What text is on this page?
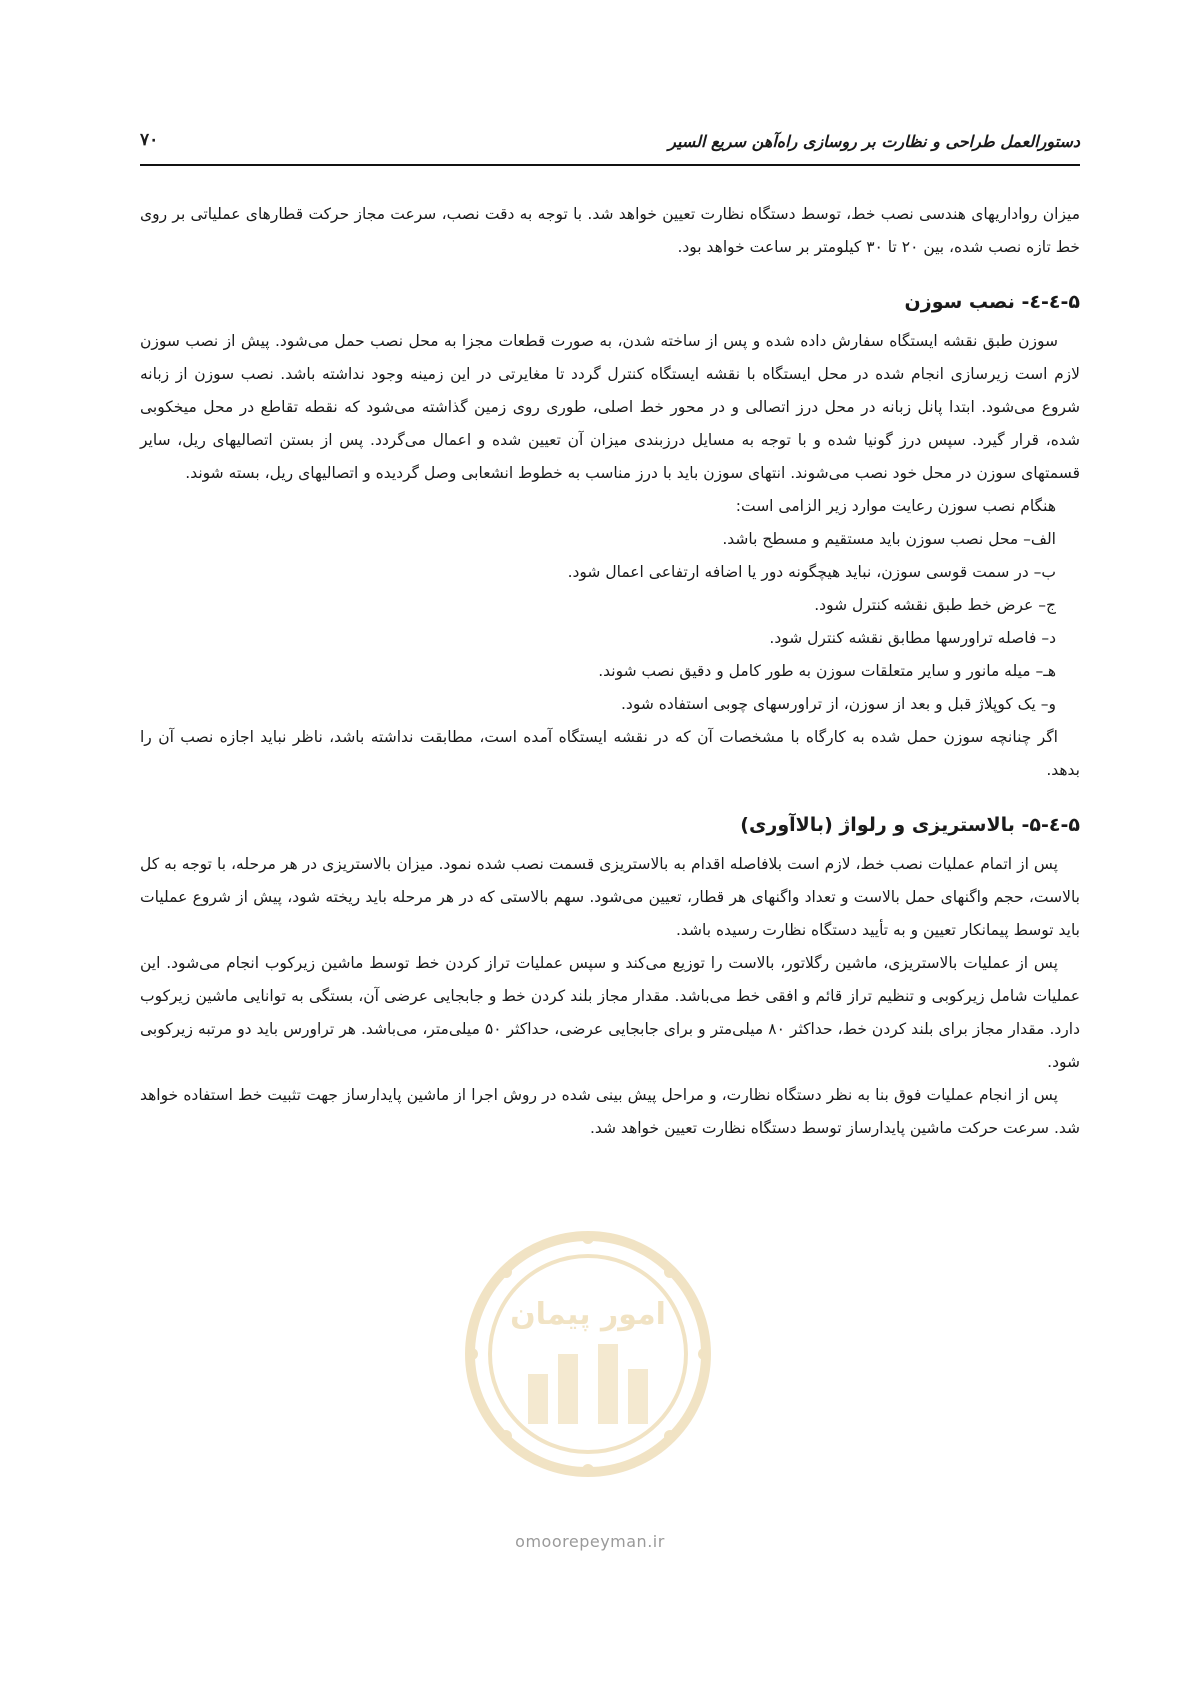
دستورالعمل طراحی و نظارت بر روسازی راه‌آهن سریع السیر
۷۰

میزان رواداریهای هندسی نصب خط، توسط دستگاه نظارت تعیین خواهد شد. با توجه به دقت نصب، سرعت مجاز حرکت قطارهای عملیاتی بر روی خط تازه نصب شده، بین ۲۰ تا ۳۰ کیلومتر بر ساعت خواهد بود.

۵-٤-٤- نصب سوزن

سوزن طبق نقشه ایستگاه سفارش داده شده و پس از ساخته شدن، به صورت قطعات مجزا به محل نصب حمل می‌شود. پیش از نصب سوزن لازم است زیرسازی انجام شده در محل ایستگاه با نقشه ایستگاه کنترل گردد تا مغایرتی در این زمینه وجود نداشته باشد. نصب سوزن از زبانه شروع می‌شود. ابتدا پانل زبانه در محل درز اتصالی و در محور خط اصلی، طوری روی زمین گذاشته می‌شود که نقطه تقاطع در محل میخکوبی شده، قرار گیرد. سپس درز گونیا شده و با توجه به مسایل درزبندی میزان آن تعیین شده و اعمال می‌گردد. پس از بستن اتصالیهای ریل، سایر قسمتهای سوزن در محل خود نصب می‌شوند. انتهای سوزن باید با درز مناسب به خطوط انشعابی وصل گردیده و اتصالیهای ریل، بسته شوند.

هنگام نصب سوزن رعایت موارد زیر الزامی است:
الف– محل نصب سوزن باید مستقیم و مسطح باشد.
ب– در سمت قوسی سوزن، نباید هیچگونه دور یا اضافه ارتفاعی اعمال شود.
ج– عرض خط طبق نقشه کنترل شود.
د– فاصله تراورسها مطابق نقشه کنترل شود.
هـ– میله مانور و سایر متعلقات سوزن به طور کامل و دقیق نصب شوند.
و– یک کوپلاژ قبل و بعد از سوزن، از تراورسهای چوبی استفاده شود.

اگر چنانچه سوزن حمل شده به کارگاه با مشخصات آن که در نقشه ایستگاه آمده است، مطابقت نداشته باشد، ناظر نباید اجازه نصب آن را بدهد.

۵-٤-۵- بالاستریزی و رلواژ (بالاآوری)

پس از اتمام عملیات نصب خط، لازم است بلافاصله اقدام به بالاستریزی قسمت نصب شده نمود. میزان بالاستریزی در هر مرحله، با توجه به کل بالاست، حجم واگنهای حمل بالاست و تعداد واگنهای هر قطار، تعیین می‌شود. سهم بالاستی که در هر مرحله باید ریخته شود، پیش از شروع عملیات باید توسط پیمانکار تعیین و به تأیید دستگاه نظارت رسیده باشد.

پس از عملیات بالاستریزی، ماشین رگلاتور، بالاست را توزیع می‌کند و سپس عملیات تراز کردن خط توسط ماشین زیرکوب انجام می‌شود. این عملیات شامل زیرکوبی و تنظیم تراز قائم و افقی خط می‌باشد. مقدار مجاز بلند کردن خط و جابجایی عرضی آن، بستگی به توانایی ماشین زیرکوب دارد. مقدار مجاز برای بلند کردن خط، حداکثر ۸۰ میلی‌متر و برای جابجایی عرضی، حداکثر ۵۰ میلی‌متر، می‌باشد. هر تراورس باید دو مرتبه زیرکوبی شود.

پس از انجام عملیات فوق بنا به نظر دستگاه نظارت، و مراحل پیش بینی شده در روش اجرا از ماشین پایدارساز جهت تثبیت خط استفاده خواهد شد. سرعت حرکت ماشین پایدارساز توسط دستگاه نظارت تعیین خواهد شد.

امور پیمان
omoorepeyman.ir
